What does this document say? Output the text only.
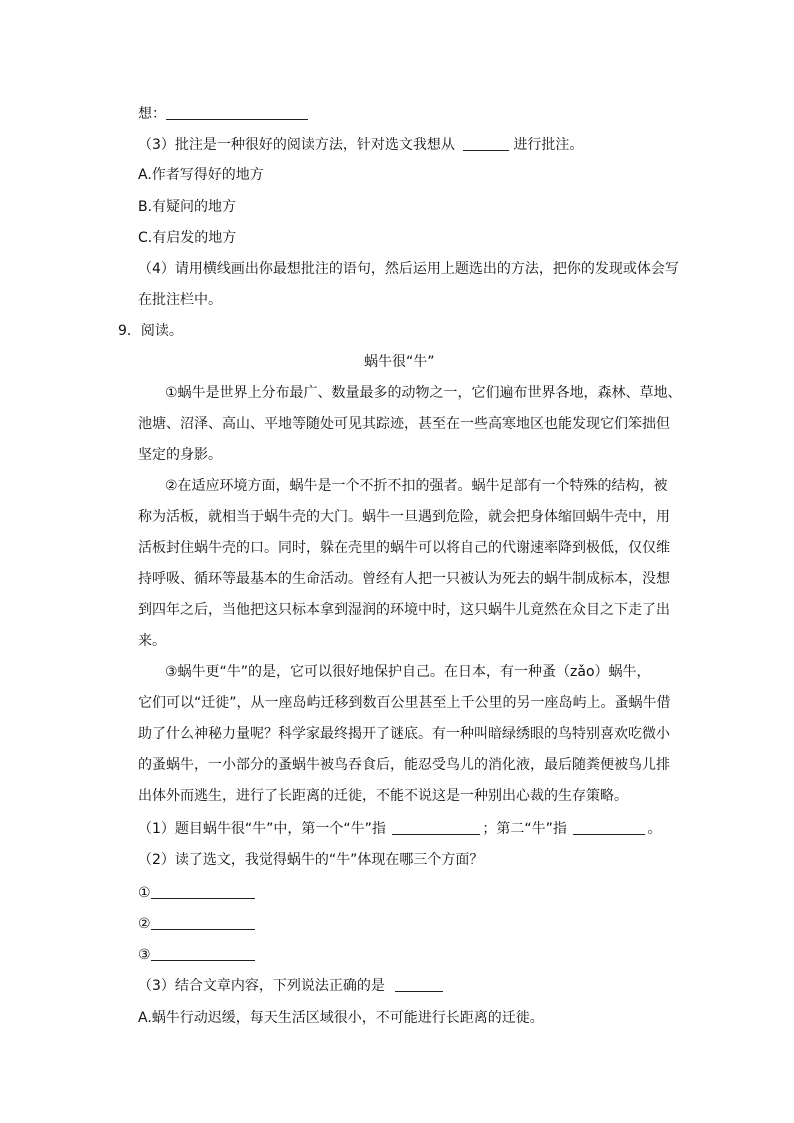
想：
（3）批注是一种很好的阅读方法，针对选文我想从	进行批注。
A.作者写得好的地方
B.有疑问的地方
C.有启发的地方
（4）请用横线画出你最想批注的语句，然后运用上题选出的方法，把你的发现或体会写
在批注栏中。
9．阅读。
蜗牛很“牛”
①蜗牛是世界上分布最广、数量最多的动物之一，它们遍布世界各地，森林、草地、
池塘、沼泽、高山、平地等随处可见其踪迹，甚至在一些高寒地区也能发现它们笨拙但
坚定的身影。
②在适应环境方面，蜗牛是一个不折不扣的强者。蜗牛足部有一个特殊的结构，被
称为活板，就相当于蜗牛壳的大门。蜗牛一旦遇到危险，就会把身体缩回蜗牛壳中，用
活板封住蜗牛壳的口。同时，躲在壳里的蜗牛可以将自己的代谢速率降到极低，仅仅维
持呼吸、循环等最基本的生命活动。曾经有人把一只被认为死去的蜗牛制成标本，没想
到四年之后，当他把这只标本拿到湿润的环境中时，这只蜗牛儿竟然在众目之下走了出
来。
③蜗牛更“牛”的是，它可以很好地保护自己。在日本，有一种蚤（zǎo）蜗牛，
它们可以“迁徙”，从一座岛屿迁移到数百公里甚至上千公里的另一座岛屿上。蚤蜗牛借
助了什么神秘力量呢？科学家最终揭开了谜底。有一种叫暗绿绣眼的鸟特别喜欢吃微小
的蚤蜗牛，一小部分的蚤蜗牛被鸟吞食后，能忍受鸟儿的消化液，最后随粪便被鸟儿排
出体外而逃生，进行了长距离的迁徙，不能不说这是一种别出心裁的生存策略。
（1）题目蜗牛很“牛”中，第一个“牛”指	；第二“牛”指	。
（2）读了选文，我觉得蜗牛的“牛”体现在哪三个方面？
①
②
③
（3）结合文章内容，下列说法正确的是
A.蜗牛行动迟缓，每天生活区域很小，不可能进行长距离的迁徙。
